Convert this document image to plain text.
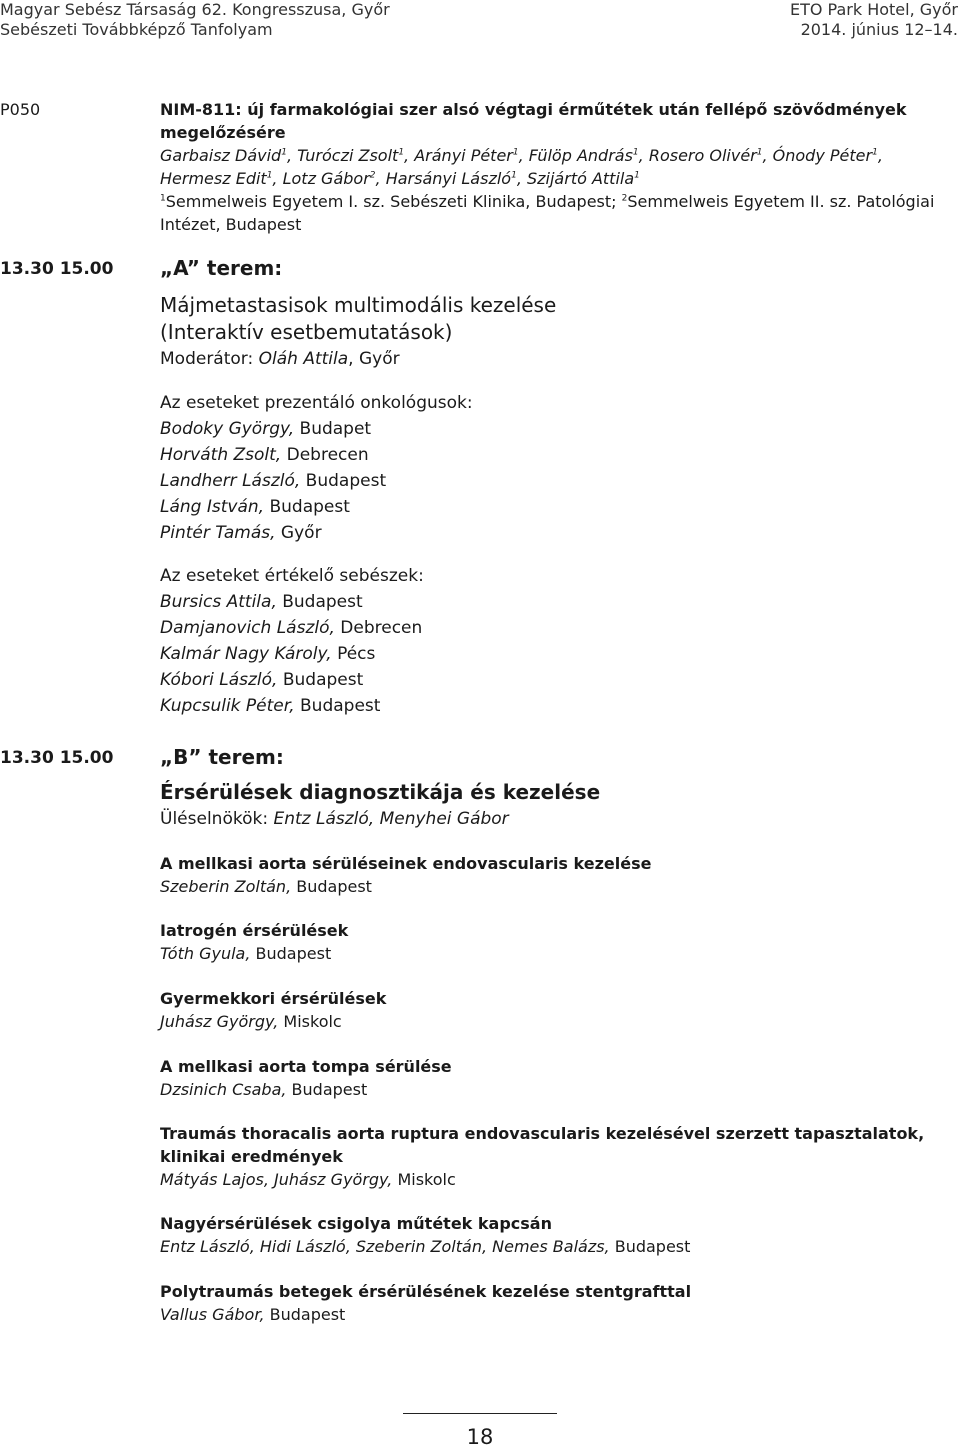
Magyar Sebész Társaság 62. Kongresszusa, Győr
Sebészeti Továbbképző Tanfolyam
ETO Park Hotel, Győr
2014. június 12–14.
P050	NIM-811: új farmakológiai szer alsó végtagi érműtétek után fellépő szövődmények
megelőzésére
Garbaisz Dávid$^1$, Turóczi Zsolt$^1$, Arányi Péter$^1$, Fülöp András$^1$, Rosero Olivér$^1$, Ónody Péter$^1$,
Hermesz Edit$^1$, Lotz Gábor$^2$, Harsányi László$^1$, Szijártó Attila$^1$
$^1$Semmelweis Egyetem I. sz. Sebészeti Klinika, Budapest; $^2$Semmelweis Egyetem II. sz. Patológiai
Intézet, Budapest
13.30 15.00 „A” terem:
Májmetastasisok multimodális kezelése
(Interaktív esetbemutatások)
Moderátor: Oláh Attila, Győr
Az eseteket prezentáló onkológusok:
Bodoky György, Budapet
Horváth Zsolt, Debrecen
Landherr László, Budapest
Láng István, Budapest
Pintér Tamás, Győr
Az eseteket értékelő sebészek:
Bursics Attila, Budapest
Damjanovich László, Debrecen
Kalmár Nagy Károly, Pécs
Kóbori László, Budapest
Kupcsulik Péter, Budapest
13.30 15.00 „B” terem:
Érsérülések diagnosztikája és kezelése
Üléselnökök: Entz László, Menyhei Gábor
A mellkasi aorta sérüléseinek endovascularis kezelése
Szeberin Zoltán, Budapest
Iatrogén érsérülések
Tóth Gyula, Budapest
Gyermekkori érsérülések
Juhász György, Miskolc
A mellkasi aorta tompa sérülése
Dzsinich Csaba, Budapest
Traumás thoracalis aorta ruptura endovascularis kezelésével szerzett tapasztalatok,
klinikai eredmények
Mátyás Lajos, Juhász György, Miskolc
Nagyérsérülések csigolya műtétek kapcsán
Entz László, Hidi László, Szeberin Zoltán, Nemes Balázs, Budapest
Polytraumás betegek érsérülésének kezelése stentgrafttal
Vallus Gábor, Budapest
18
